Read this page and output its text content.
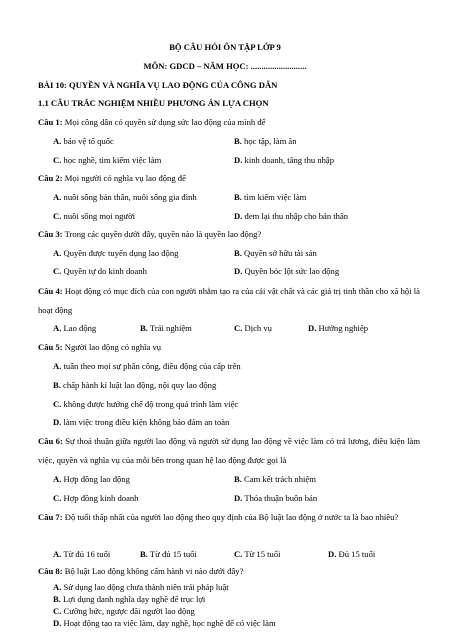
BỘ CÂU HỎI ÔN TẬP LỚP 9
MÔN: GDCD – NĂM HỌC: ..........................
BÀI 10: QUYỀN VÀ NGHĨA VỤ LAO ĐỘNG CỦA CÔNG DÂN
1.1 CÂU TRẮC NGHIỆM NHIỀU PHƯƠNG ÁN LỰA CHỌN
Câu 1: Mọi công dân có quyền sử dụng sức lao động của mình để
A. bảo vệ tổ quốc	B. học tập, làm ăn
C. học nghề, tìm kiếm việc làm	D. kinh doanh, tăng thu nhập
Câu 2: Mọi người có nghĩa vụ lao động để
A. nuôi sống bản thân, nuôi sống gia đình	B. tìm kiếm việc làm
C. nuôi sống mọi người	D. đem lại thu nhập cho bản thân
Câu 3: Trong các quyền dưới đây, quyền nào là quyền lao động?
A. Quyền được tuyển dụng lao động	B. Quyền sở hữu tài sản
C. Quyền tự do kinh doanh	D. Quyền bóc lột sức lao động
Câu 4: Hoạt động có mục đích của con người nhằm tạo ra của cải vật chất và các giá trị tinh thần cho xã hội là hoạt động
A. Lao động	B. Trải nghiệm	C. Dịch vụ	D. Hướng nghiệp
Câu 5: Người lao động có nghĩa vụ
A. tuân theo mọi sự phân công, điều động của cấp trên
B. chấp hành kỉ luật lao động, nội quy lao động
C. không được hưởng chế độ trong quá trình làm việc
D. làm việc trong điều kiện không bảo đảm an toàn
Câu 6: Sự thoả thuận giữa người lao động và người sử dụng lao động về việc làm có trả lương, điều kiện làm việc, quyền và nghĩa vụ của mỗi bên trong quan hệ lao động được gọi là
A. Hợp đồng lao động	B. Cam kết trách nhiệm
C. Hợp đồng kinh doanh	D. Thỏa thuận buôn bán
Câu 7: Độ tuổi thấp nhất của người lao động theo quy định của Bộ luật lao động ở nước ta là bao nhiêu?
A. Từ đủ 16 tuổi	B. Từ đủ 15 tuổi	C. Từ 15 tuổi	D. Đủ 15 tuổi
Câu 8: Bộ luật Lao động không cấm hành vi nào dưới đây?
A. Sử dụng lao động chưa thành niên trái pháp luật
B. Lợi dụng danh nghĩa dạy nghề để trục lợi
C. Cưỡng bức, ngược đãi người lao động
D. Hoạt động tạo ra việc làm, dạy nghề, học nghề để có việc làm
